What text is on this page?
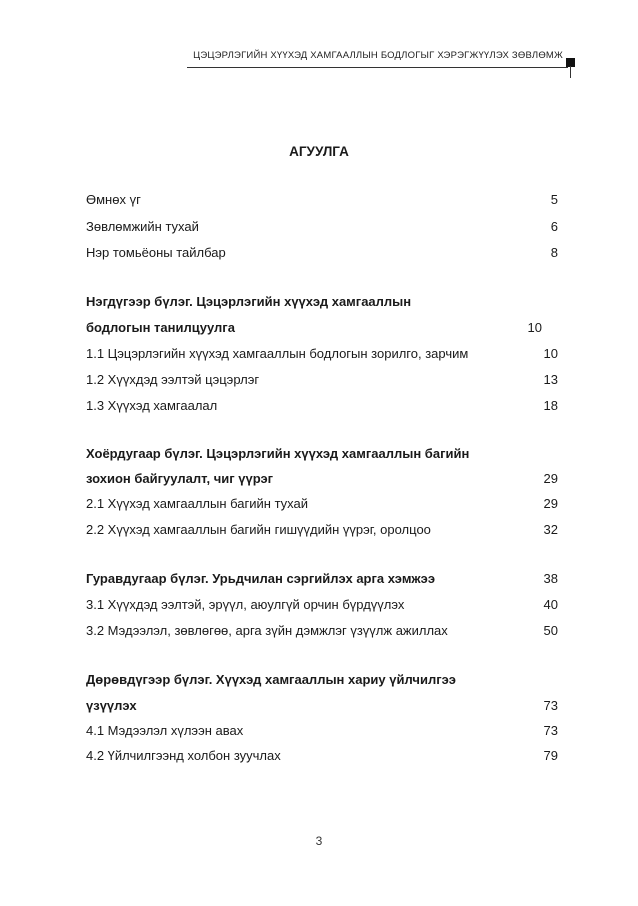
ЦЭЦЭРЛЭГИЙН ХҮҮХЭД ХАМГААЛЛЫН БОДЛОГЫГ ХЭРЭГЖҮҮЛЭХ ЗӨВЛӨМЖ
АГУУЛГА
Өмнөх үг	5
Зөвлөмжийн тухай	6
Нэр томьёоны тайлбар	8
Нэгдүгээр бүлэг. Цэцэрлэгийн хүүхэд хамгааллын
бодлогын танилцуулга	10
1.1 Цэцэрлэгийн хүүхэд хамгааллын бодлогын зорилго, зарчим	10
1.2 Хүүхдэд ээлтэй цэцэрлэг	13
1.3 Хүүхэд хамгаалал	18
Хоёрдугаар бүлэг. Цэцэрлэгийн хүүхэд хамгааллын багийн
зохион байгуулалт, чиг үүрэг	29
2.1 Хүүхэд хамгааллын багийн тухай	29
2.2 Хүүхэд хамгааллын багийн гишүүдийн үүрэг, оролцоо	32
Гуравдугаар бүлэг. Урьдчилан сэргийлэх арга хэмжээ	38
3.1 Хүүхдэд ээлтэй, эрүүл, аюулгүй орчин бүрдүүлэх	40
3.2 Мэдээлэл, зөвлөгөө, арга зүйн дэмжлэг үзүүлж ажиллах	50
Дөрөвдүгээр бүлэг. Хүүхэд хамгааллын хариу үйлчилгээ
үзүүлэх	73
4.1 Мэдээлэл хүлээн авах	73
4.2 Үйлчилгээнд холбон зуучлах	79
3
